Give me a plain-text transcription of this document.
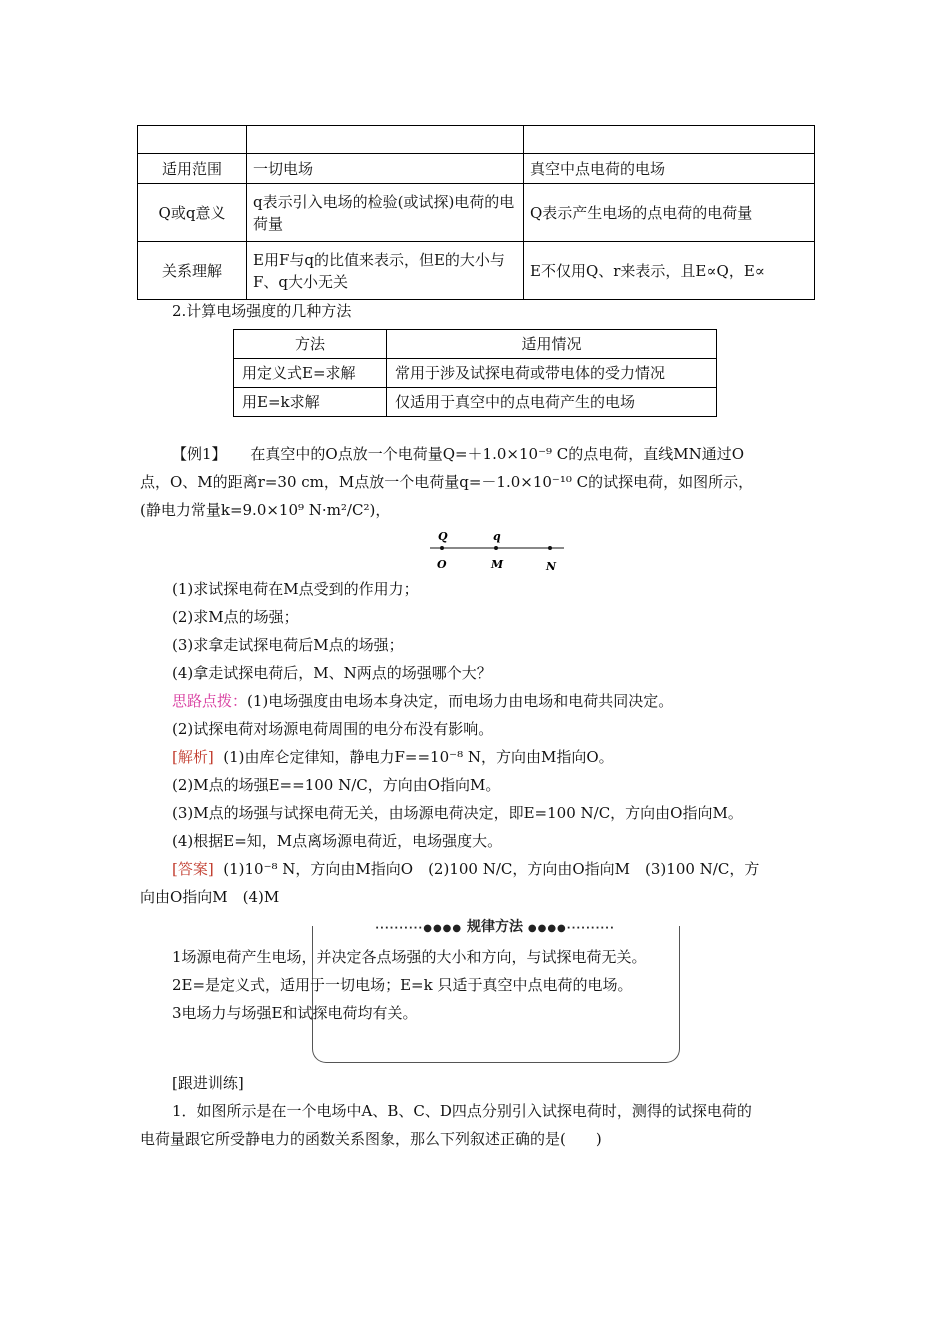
适用范围	一切电场	真空中点电荷的电场
Q或q意义	q表示引入电场的检验(或试探)电荷的电荷量	Q表示产生电场的点电荷的电荷量
关系理解	E用F与q的比值来表示，但E的大小与F、q大小无关	E不仅用Q、r来表示，且E∝Q，E∝
2.计算电场强度的几种方法
方法	适用情况
用定义式E=求解	常用于涉及试探电荷或带电体的受力情况
用E=k求解	仅适用于真空中的点电荷产生的电场
【例1】 在真空中的O点放一个电荷量Q=＋1.0×10⁻⁹ C的点电荷，直线MN通过O
点，O、M的距离r=30 cm，M点放一个电荷量q=－1.0×10⁻¹⁰ C的试探电荷，如图所示，
(静电力常量k=9.0×10⁹ N·m²/C²)，
Q	q
O	M	N
(1)求试探电荷在M点受到的作用力；
(2)求M点的场强；
(3)求拿走试探电荷后M点的场强；
(4)拿走试探电荷后，M、N两点的场强哪个大？
思路点拨：(1)电场强度由电场本身决定，而电场力由电场和电荷共同决定。
(2)试探电荷对场源电荷周围的电分布没有影响。
[解析] (1)由库仑定律知，静电力F==10⁻⁸ N，方向由M指向O。
(2)M点的场强E==100 N/C，方向由O指向M。
(3)M点的场强与试探电荷无关，由场源电荷决定，即E=100 N/C，方向由O指向M。
(4)根据E=知，M点离场源电荷近，电场强度大。
[答案] (1)10⁻⁸ N，方向由M指向O　(2)100 N/C，方向由O指向M　(3)100 N/C，方
向由O指向M　(4)M
··········●●●● 规律方法 ●●●●··········
1场源电荷产生电场，并决定各点场强的大小和方向，与试探电荷无关。
2E=是定义式，适用于一切电场；E=k 只适于真空中点电荷的电场。
3电场力与场强E和试探电荷均有关。
[跟进训练]
1．如图所示是在一个电场中A、B、C、D四点分别引入试探电荷时，测得的试探电荷的
电荷量跟它所受静电力的函数关系图象，那么下列叙述正确的是(　　)
